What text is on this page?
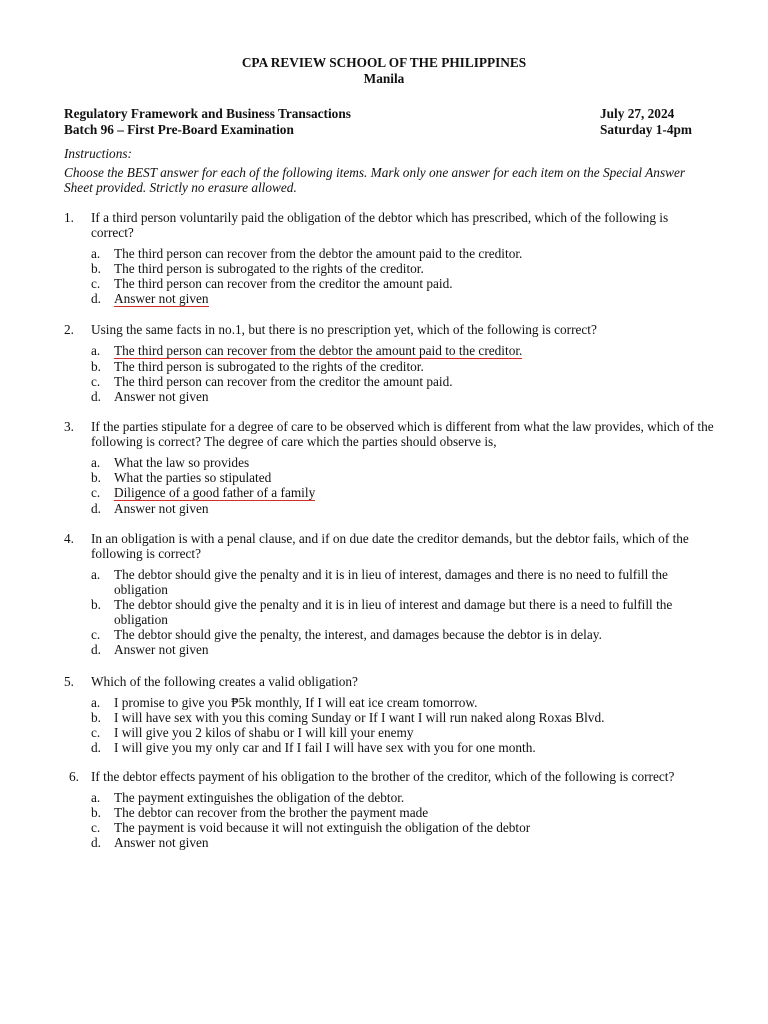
CPA REVIEW SCHOOL OF THE PHILIPPINES
Manila
Regulatory Framework and Business Transactions	July 27, 2024
Batch 96 – First Pre-Board Examination	Saturday 1-4pm
Instructions:
Choose the BEST answer for each of the following items. Mark only one answer for each item on the Special Answer Sheet provided. Strictly no erasure allowed.
1. If a third person voluntarily paid the obligation of the debtor which has prescribed, which of the following is correct?
a. The third person can recover from the debtor the amount paid to the creditor.
b. The third person is subrogated to the rights of the creditor.
c. The third person can recover from the creditor the amount paid.
d. Answer not given
2. Using the same facts in no.1, but there is no prescription yet, which of the following is correct?
a. The third person can recover from the debtor the amount paid to the creditor.
b. The third person is subrogated to the rights of the creditor.
c. The third person can recover from the creditor the amount paid.
d. Answer not given
3. If the parties stipulate for a degree of care to be observed which is different from what the law provides, which of the following is correct? The degree of care which the parties should observe is,
a. What the law so provides
b. What the parties so stipulated
c. Diligence of a good father of a family
d. Answer not given
4. In an obligation is with a penal clause, and if on due date the creditor demands, but the debtor fails, which of the following is correct?
a. The debtor should give the penalty and it is in lieu of interest, damages and there is no need to fulfill the obligation
b. The debtor should give the penalty and it is in lieu of interest and damage but there is a need to fulfill the obligation
c. The debtor should give the penalty, the interest, and damages because the debtor is in delay.
d. Answer not given
5. Which of the following creates a valid obligation?
a. I promise to give you ₱5k monthly, If I will eat ice cream tomorrow.
b. I will have sex with you this coming Sunday or If I want I will run naked along Roxas Blvd.
c. I will give you 2 kilos of shabu or I will kill your enemy
d. I will give you my only car and If I fail I will have sex with you for one month.
6. If the debtor effects payment of his obligation to the brother of the creditor, which of the following is correct?
a. The payment extinguishes the obligation of the debtor.
b. The debtor can recover from the brother the payment made
c. The payment is void because it will not extinguish the obligation of the debtor
d. Answer not given
